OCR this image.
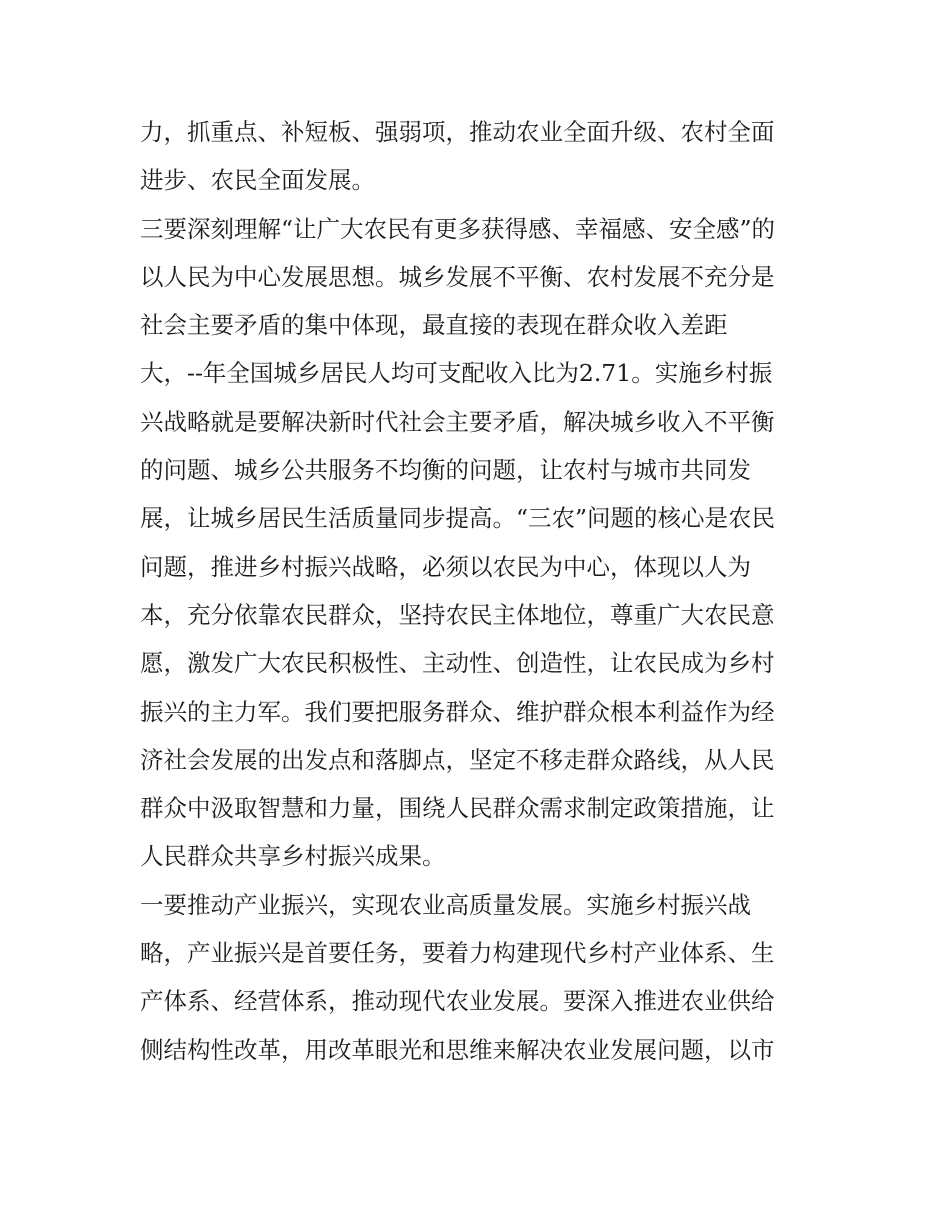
力，抓重点、补短板、强弱项，推动农业全面升级、农村全面
进步、农民全面发展。
三要深刻理解“让广大农民有更多获得感、幸福感、安全感”的
以人民为中心发展思想。城乡发展不平衡、农村发展不充分是
社会主要矛盾的集中体现，最直接的表现在群众收入差距
大，--年全国城乡居民人均可支配收入比为2.71。实施乡村振
兴战略就是要解决新时代社会主要矛盾，解决城乡收入不平衡
的问题、城乡公共服务不均衡的问题，让农村与城市共同发
展，让城乡居民生活质量同步提高。“三农”问题的核心是农民
问题，推进乡村振兴战略，必须以农民为中心，体现以人为
本，充分依靠农民群众，坚持农民主体地位，尊重广大农民意
愿，激发广大农民积极性、主动性、创造性，让农民成为乡村
振兴的主力军。我们要把服务群众、维护群众根本利益作为经
济社会发展的出发点和落脚点，坚定不移走群众路线，从人民
群众中汲取智慧和力量，围绕人民群众需求制定政策措施，让
人民群众共享乡村振兴成果。
一要推动产业振兴，实现农业高质量发展。实施乡村振兴战
略，产业振兴是首要任务，要着力构建现代乡村产业体系、生
产体系、经营体系，推动现代农业发展。要深入推进农业供给
侧结构性改革，用改革眼光和思维来解决农业发展问题，以市
